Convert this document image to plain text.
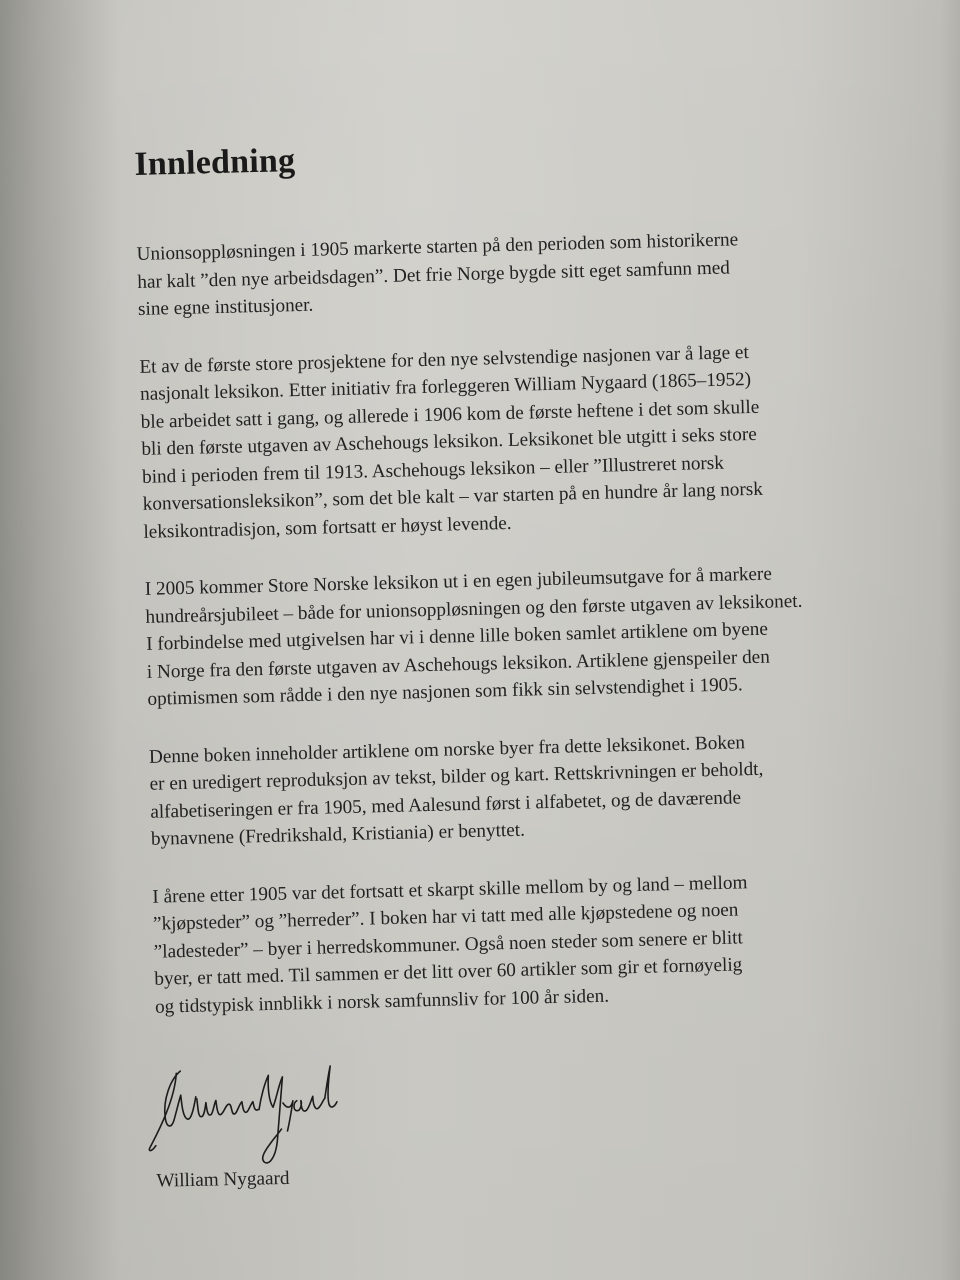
Innledning
Unionsoppløsningen i 1905 markerte starten på den perioden som historikerne
har kalt ”den nye arbeidsdagen”. Det frie Norge bygde sitt eget samfunn med
sine egne institusjoner.
Et av de første store prosjektene for den nye selvstendige nasjonen var å lage et
nasjonalt leksikon. Etter initiativ fra forleggeren William Nygaard (1865–1952)
ble arbeidet satt i gang, og allerede i 1906 kom de første heftene i det som skulle
bli den første utgaven av Aschehougs leksikon. Leksikonet ble utgitt i seks store
bind i perioden frem til 1913. Aschehougs leksikon – eller ”Illustreret norsk
konversationsleksikon”, som det ble kalt – var starten på en hundre år lang norsk
leksikontradisjon, som fortsatt er høyst levende.
I 2005 kommer Store Norske leksikon ut i en egen jubileumsutgave for å markere
hundreårsjubileet – både for unionsoppløsningen og den første utgaven av leksikonet.
I forbindelse med utgivelsen har vi i denne lille boken samlet artiklene om byene
i Norge fra den første utgaven av Aschehougs leksikon. Artiklene gjenspeiler den
optimismen som rådde i den nye nasjonen som fikk sin selvstendighet i 1905.
Denne boken inneholder artiklene om norske byer fra dette leksikonet. Boken
er en uredigert reproduksjon av tekst, bilder og kart. Rettskrivningen er beholdt,
alfabetiseringen er fra 1905, med Aalesund først i alfabetet, og de daværende
bynavnene (Fredrikshald, Kristiania) er benyttet.
I årene etter 1905 var det fortsatt et skarpt skille mellom by og land – mellom
”kjøpsteder” og ”herreder”. I boken har vi tatt med alle kjøpstedene og noen
”ladesteder” – byer i herredskommuner. Også noen steder som senere er blitt
byer, er tatt med. Til sammen er det litt over 60 artikler som gir et fornøyelig
og tidstypisk innblikk i norsk samfunnsliv for 100 år siden.
William Nygaard
